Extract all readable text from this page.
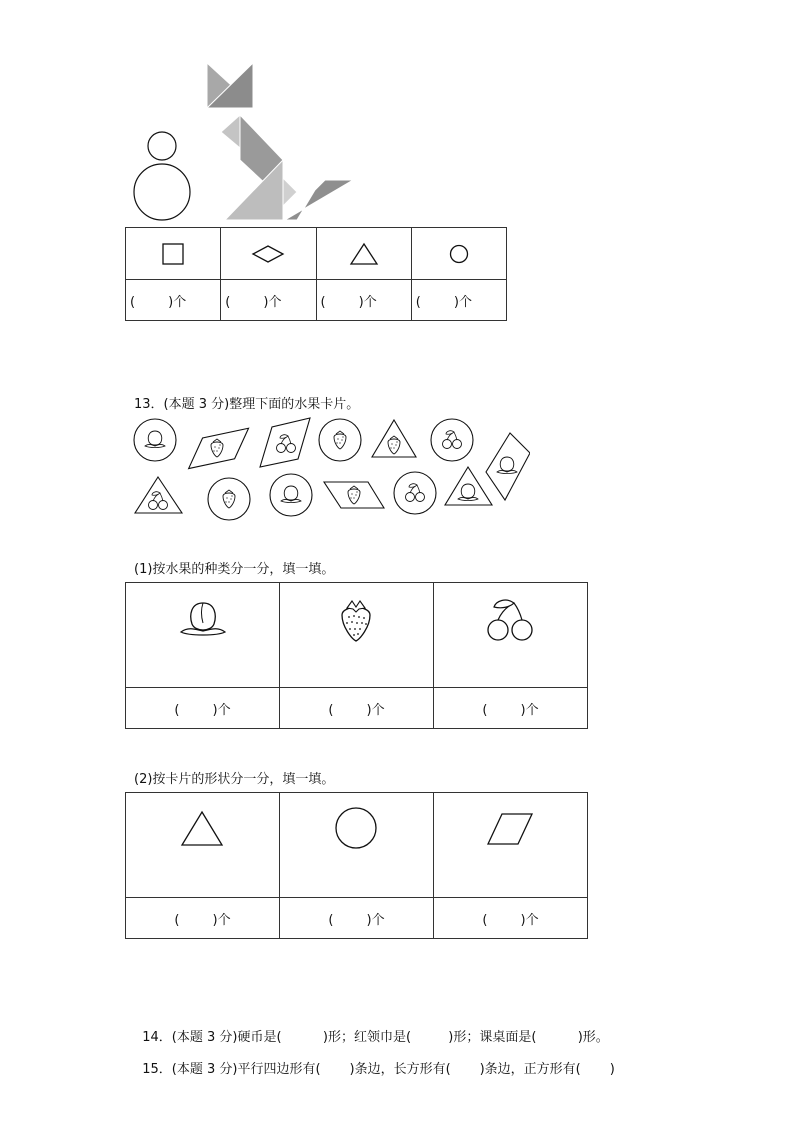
(        )个	(        )个	(        )个	(        )个
13．(本题 3 分)整理下面的水果卡片。
(1)按水果的种类分一分，填一填。

(        )个	(        )个	(        )个
(2)按卡片的形状分一分，填一填。

(        )个	(        )个	(        )个

14．(本题 3 分)硬币是(	)形；红领巾是(	)形；课桌面是(	)形。

15．(本题 3 分)平行四边形有( )条边，长方形有( )条边，正方形有( )
